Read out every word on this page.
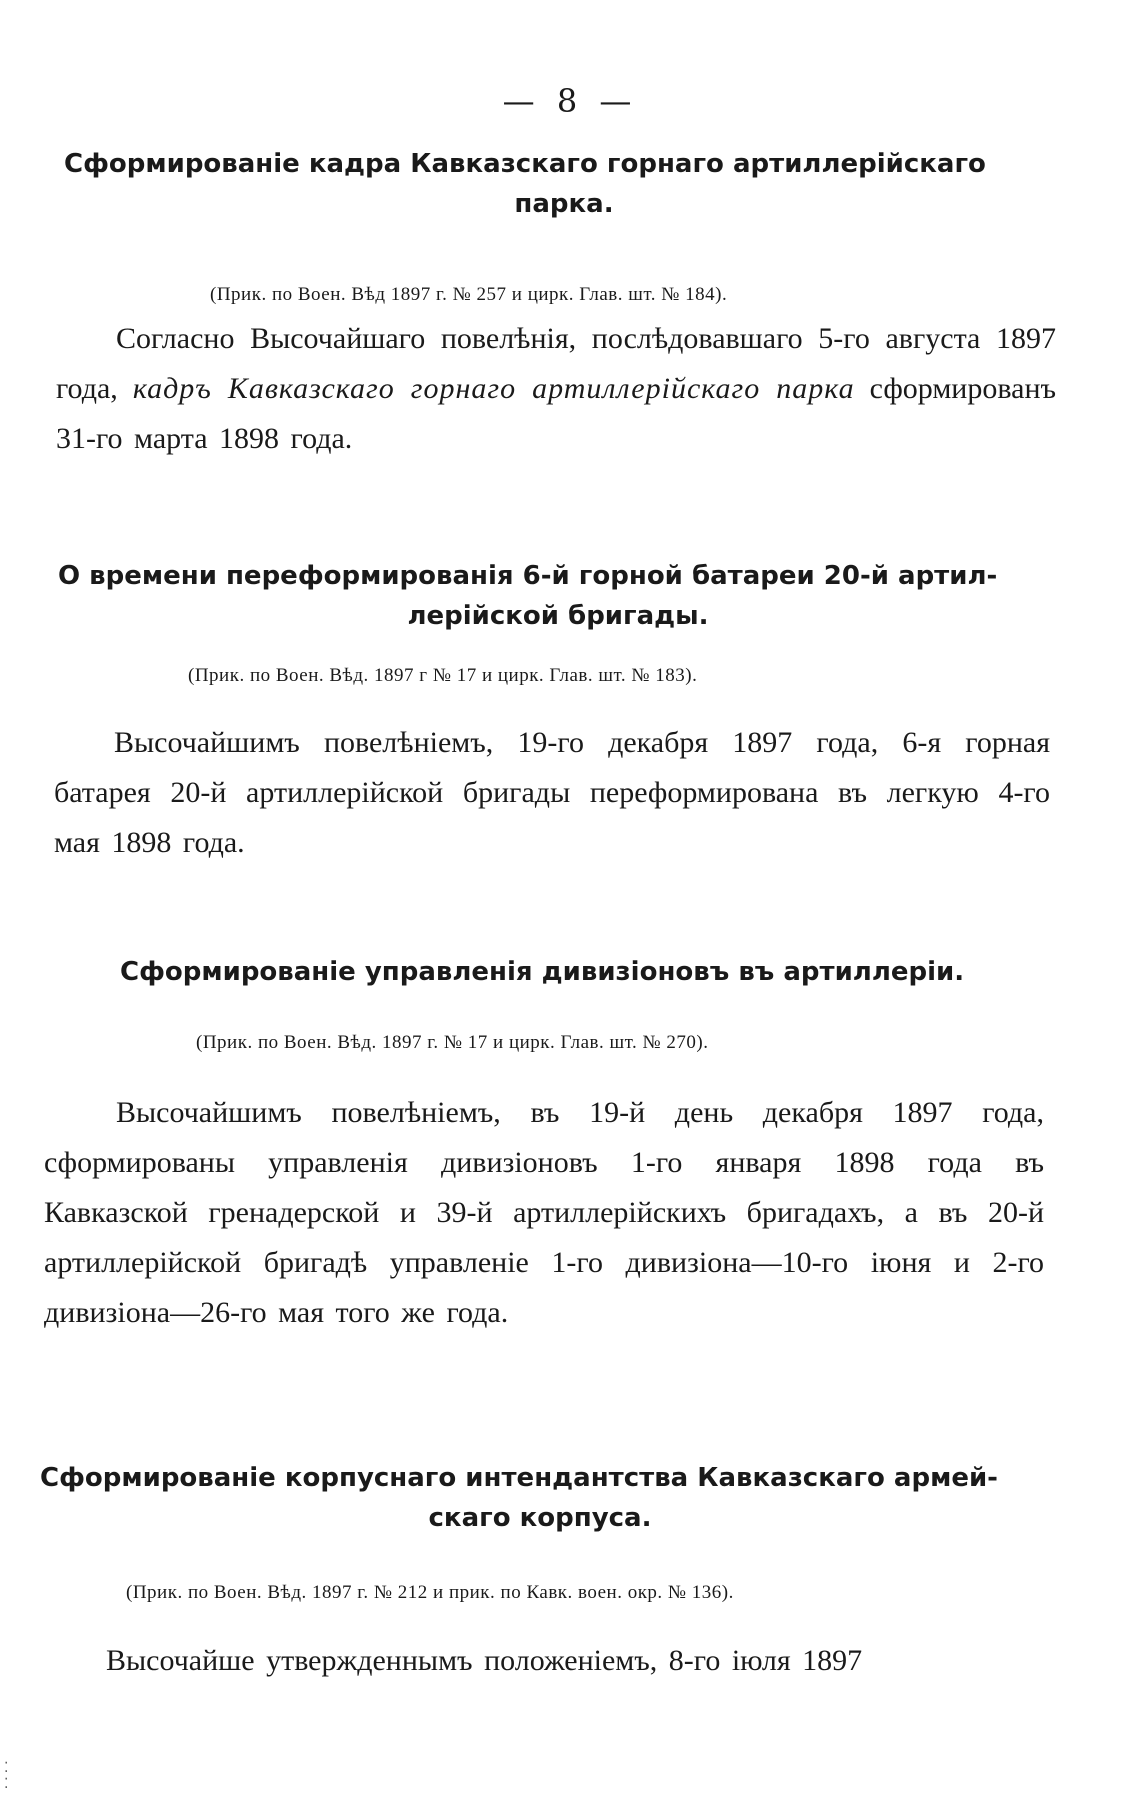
— 8 —
Сформированіе кадра Кавказскаго горнаго артиллерійскаго
парка.
(Прик. по Воен. Вѣд 1897 г. № 257 и цирк. Глав. шт. № 184).
Согласно Высочайшаго повелѣнія, послѣдовавшаго 5-го августа 1897 года, кадръ Кавказскаго горнаго артиллерійскаго парка сформированъ 31-го марта 1898 года.
О времени переформированія 6-й горной батареи 20-й артил-
лерійской бригады.
(Прик. по Воен. Вѣд. 1897 г № 17 и цирк. Глав. шт. № 183).
Высочайшимъ повелѣніемъ, 19-го декабря 1897 года, 6-я горная батарея 20-й артиллерійской бригады переформирована въ легкую 4-го мая 1898 года.
Сформированіе управленія дивизіоновъ въ артиллеріи.
(Прик. по Воен. Вѣд. 1897 г. № 17 и цирк. Глав. шт. № 270).
Высочайшимъ повелѣніемъ, въ 19-й день декабря 1897 года, сформированы управленія дивизіоновъ 1-го января 1898 года въ Кавказской гренадерской и 39-й артиллерійскихъ бригадахъ, а въ 20-й артиллерійской бригадѣ управленіе 1-го дивизіона—10-го іюня и 2-го дивизіона—26-го мая того же года.
Сформированіе корпуснаго интендантства Кавказскаго армей-
скаго корпуса.
(Прик. по Воен. Вѣд. 1897 г. № 212 и прик. по Кавк. воен. окр. № 136).
Высочайше утвержденнымъ положеніемъ, 8-го іюля 1897
⁚
⁚
